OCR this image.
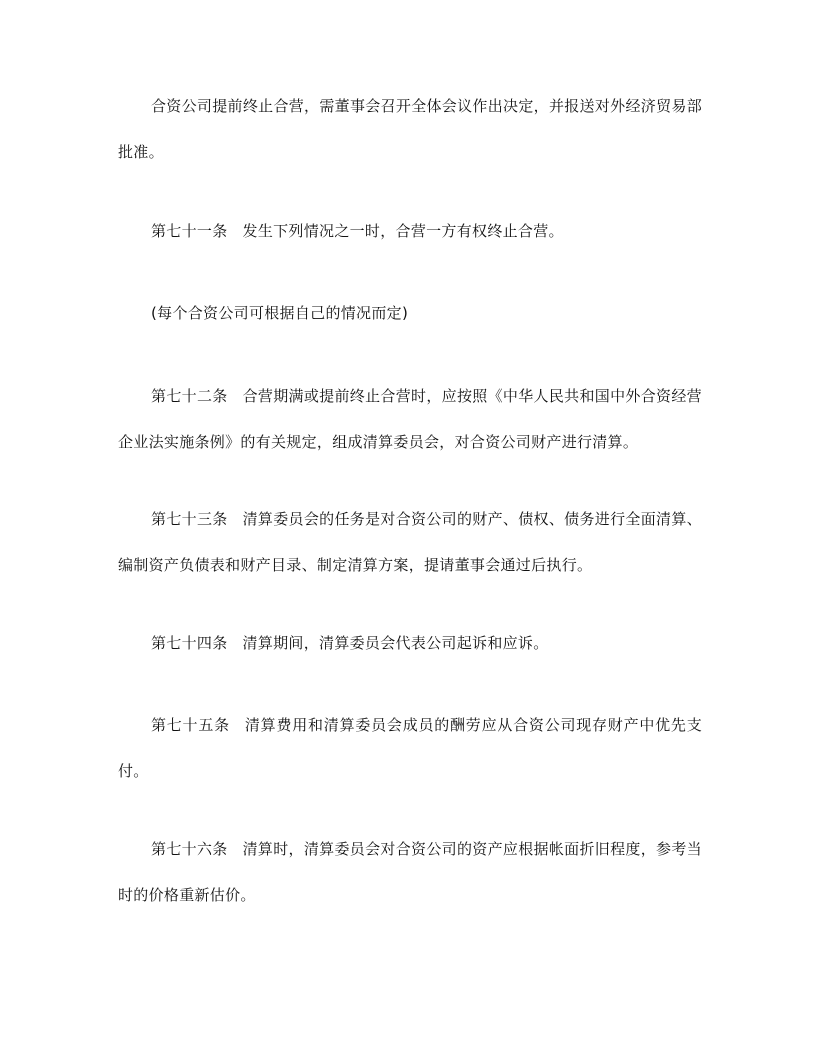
合资公司提前终止合营，需董事会召开全体会议作出决定，并报送对外经济贸易部批准。

第七十一条 发生下列情况之一时，合营一方有权终止合营。

(每个合资公司可根据自己的情况而定)

第七十二条 合营期满或提前终止合营时，应按照《中华人民共和国中外合资经营企业法实施条例》的有关规定，组成清算委员会，对合资公司财产进行清算。

第七十三条 清算委员会的任务是对合资公司的财产、债权、债务进行全面清算、编制资产负债表和财产目录、制定清算方案，提请董事会通过后执行。

第七十四条 清算期间，清算委员会代表公司起诉和应诉。

第七十五条 清算费用和清算委员会成员的酬劳应从合资公司现存财产中优先支付。

第七十六条 清算时，清算委员会对合资公司的资产应根据帐面折旧程度，参考当时的价格重新估价。
